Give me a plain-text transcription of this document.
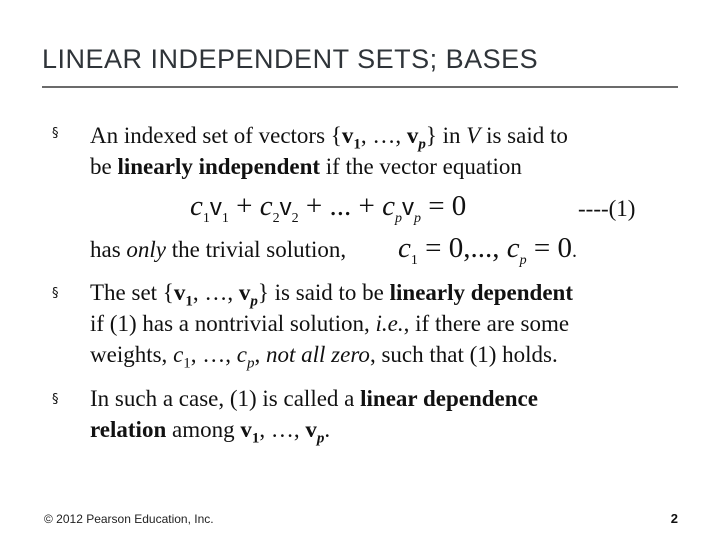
LINEAR INDEPENDENT SETS; BASES
§
§
§
An indexed set of vectors {$v_1$, …, $v_p$} in V is said to
be linearly independent if the vector equation
$c_1v_1 + c_2v_2$ + ... + $c_pv_p = 0$	----(1)
has only the trivial solution, $c_1 = 0$,..., $c_p = 0$.
The set {$v_1$, …, $v_p$} is said to be linearly dependent
if (1) has a nontrivial solution, i.e., if there are some
weights, $c_1$, …, $c_p$, not all zero, such that (1) holds.
In such a case, (1) is called a linear dependence
relation among $v_1$, …, $v_p$.
© 2012 Pearson Education, Inc.	2
